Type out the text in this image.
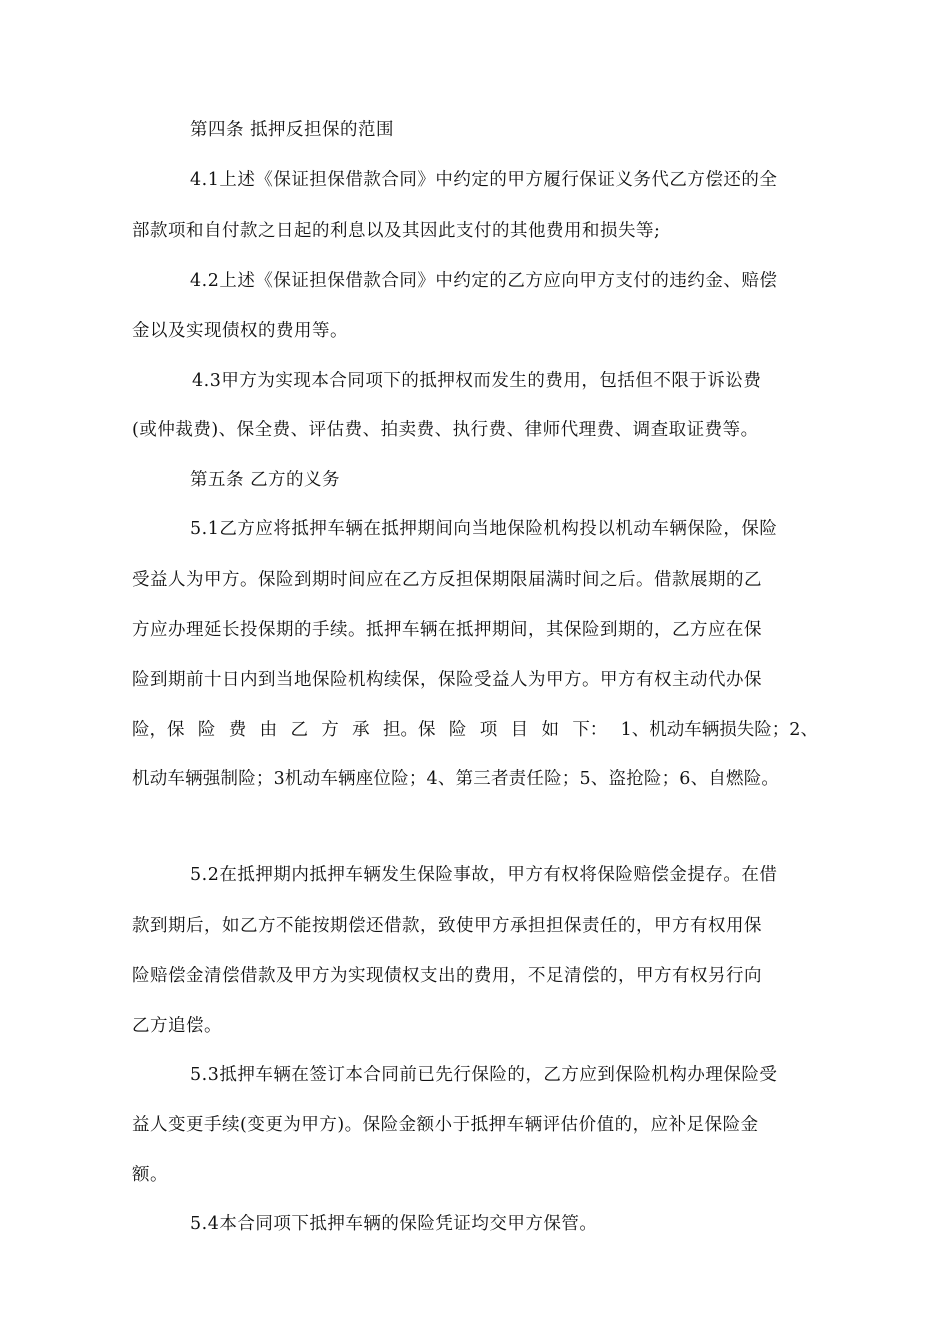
第四条 抵押反担保的范围
4.1上述《保证担保借款合同》中约定的甲方履行保证义务代乙方偿还的全
部款项和自付款之日起的利息以及其因此支付的其他费用和损失等;
4.2上述《保证担保借款合同》中约定的乙方应向甲方支付的违约金、赔偿
金以及实现债权的费用等。
4.3甲方为实现本合同项下的抵押权而发生的费用，包括但不限于诉讼费
(或仲裁费)、保全费、评估费、拍卖费、执行费、律师代理费、调查取证费等。
第五条 乙方的义务
5.1乙方应将抵押车辆在抵押期间向当地保险机构投以机动车辆保险，保险
受益人为甲方。保险到期时间应在乙方反担保期限届满时间之后。借款展期的乙
方应办理延长投保期的手续。抵押车辆在抵押期间，其保险到期的，乙方应在保
险到期前十日内到当地保险机构续保，保险受益人为甲方。甲方有权主动代办保
险，保 险 费 由 乙 方 承 担。保 险 项 目 如 下： 1、机动车辆损失险；2、
机动车辆强制险；3机动车辆座位险；4、第三者责任险；5、盗抢险；6、自燃险。
5.2在抵押期内抵押车辆发生保险事故，甲方有权将保险赔偿金提存。在借
款到期后，如乙方不能按期偿还借款，致使甲方承担担保责任的，甲方有权用保
险赔偿金清偿借款及甲方为实现债权支出的费用，不足清偿的，甲方有权另行向
乙方追偿。
5.3抵押车辆在签订本合同前已先行保险的，乙方应到保险机构办理保险受
益人变更手续(变更为甲方)。保险金额小于抵押车辆评估价值的，应补足保险金
额。
5.4本合同项下抵押车辆的保险凭证均交甲方保管。
